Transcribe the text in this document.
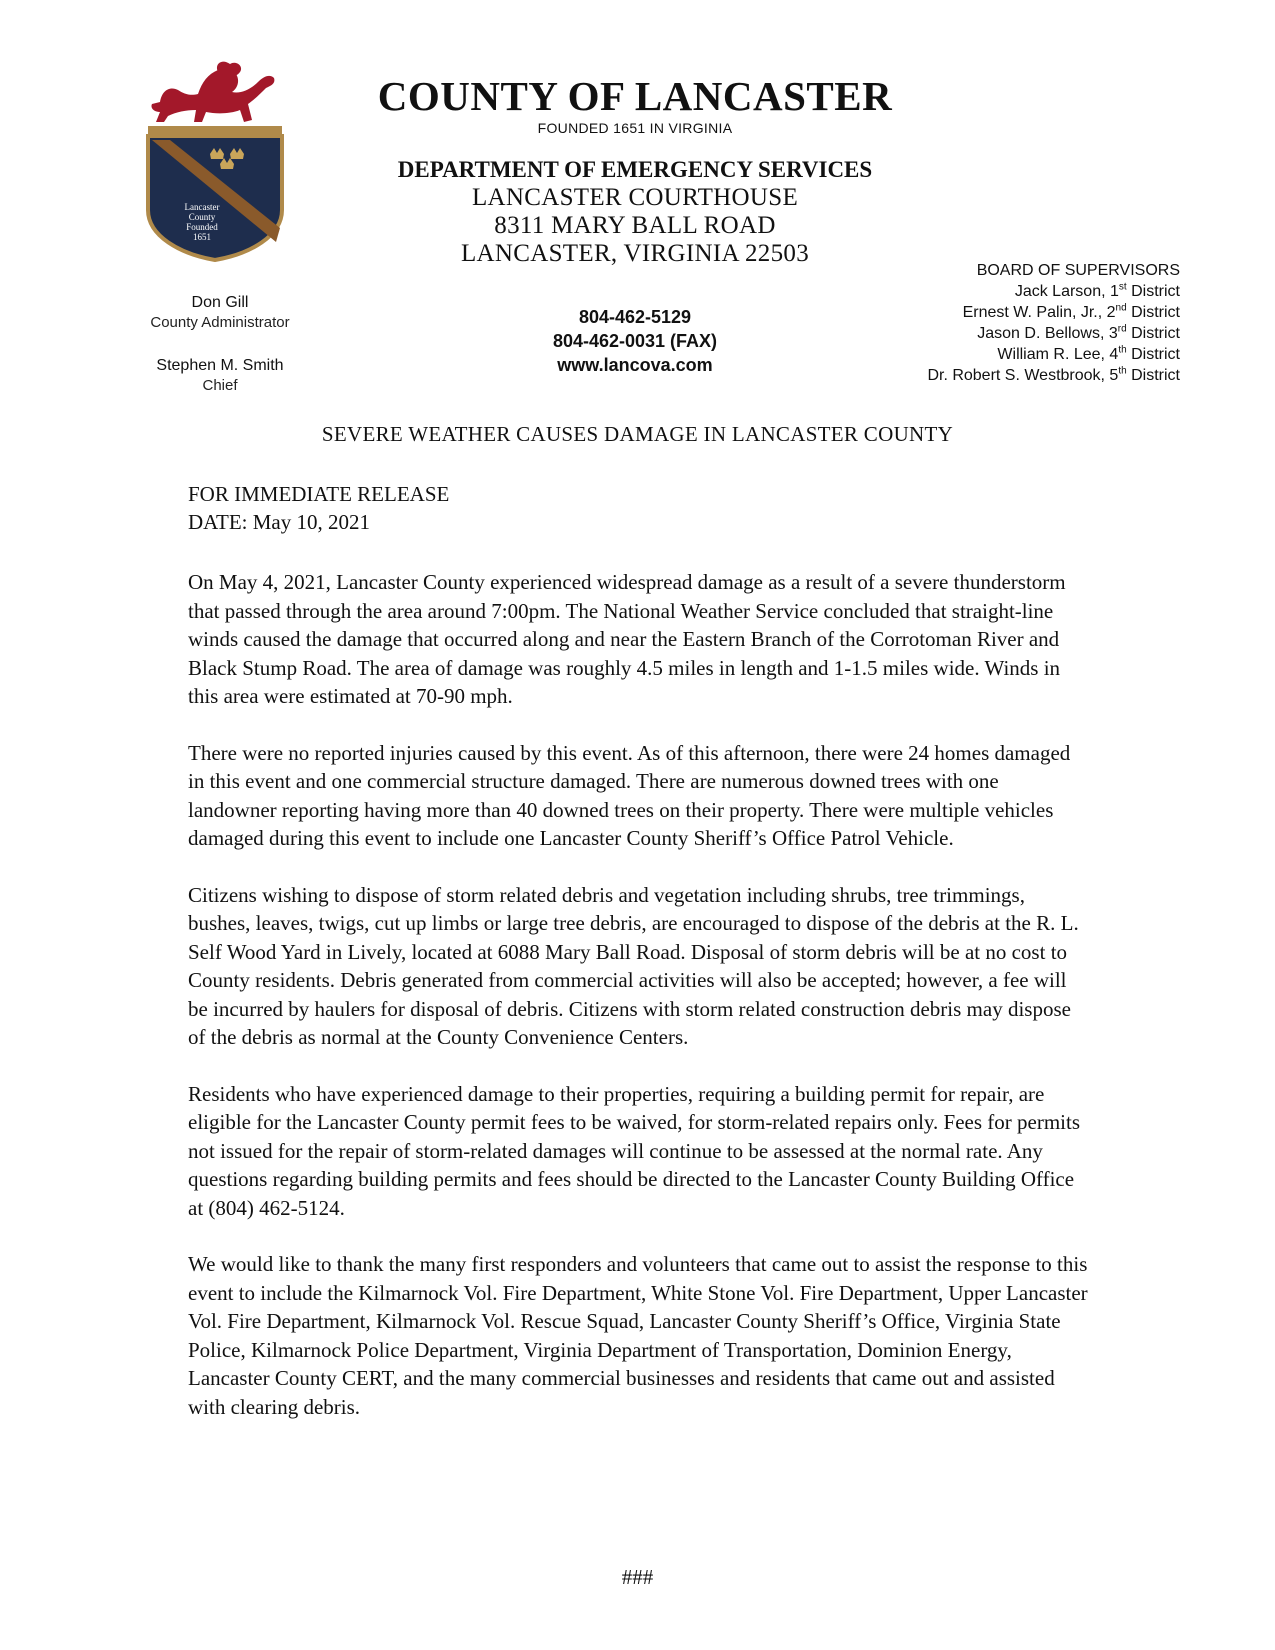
Lancaster
County
Founded
1651
COUNTY OF LANCASTER
FOUNDED 1651 IN VIRGINIA
DEPARTMENT OF EMERGENCY SERVICES
LANCASTER COURTHOUSE
8311 MARY BALL ROAD
LANCASTER, VIRGINIA 22503
804-462-5129
804-462-0031 (FAX)
www.lancova.com
Don Gill
County Administrator
Stephen M. Smith
Chief
BOARD OF SUPERVISORS
Jack Larson, 1st District
Ernest W. Palin, Jr., 2nd District
Jason D. Bellows, 3rd District
William R. Lee, 4th District
Dr. Robert S. Westbrook, 5th District
SEVERE WEATHER CAUSES DAMAGE IN LANCASTER COUNTY
FOR IMMEDIATE RELEASE
DATE: May 10, 2021

On May 4, 2021, Lancaster County experienced widespread damage as a result of a severe thunderstorm that passed through the area around 7:00pm. The National Weather Service concluded that straight-line winds caused the damage that occurred along and near the Eastern Branch of the Corrotoman River and Black Stump Road. The area of damage was roughly 4.5 miles in length and 1-1.5 miles wide. Winds in this area were estimated at 70-90 mph.

There were no reported injuries caused by this event. As of this afternoon, there were 24 homes damaged in this event and one commercial structure damaged. There are numerous downed trees with one landowner reporting having more than 40 downed trees on their property. There were multiple vehicles damaged during this event to include one Lancaster County Sheriff’s Office Patrol Vehicle.

Citizens wishing to dispose of storm related debris and vegetation including shrubs, tree trimmings, bushes, leaves, twigs, cut up limbs or large tree debris, are encouraged to dispose of the debris at the R. L. Self Wood Yard in Lively, located at 6088 Mary Ball Road. Disposal of storm debris will be at no cost to County residents. Debris generated from commercial activities will also be accepted; however, a fee will be incurred by haulers for disposal of debris. Citizens with storm related construction debris may dispose of the debris as normal at the County Convenience Centers.

Residents who have experienced damage to their properties, requiring a building permit for repair, are eligible for the Lancaster County permit fees to be waived, for storm-related repairs only. Fees for permits not issued for the repair of storm-related damages will continue to be assessed at the normal rate. Any questions regarding building permits and fees should be directed to the Lancaster County Building Office at (804) 462-5124.

We would like to thank the many first responders and volunteers that came out to assist the response to this event to include the Kilmarnock Vol. Fire Department, White Stone Vol. Fire Department, Upper Lancaster Vol. Fire Department, Kilmarnock Vol. Rescue Squad, Lancaster County Sheriff’s Office, Virginia State Police, Kilmarnock Police Department, Virginia Department of Transportation, Dominion Energy, Lancaster County CERT, and the many commercial businesses and residents that came out and assisted with clearing debris.

###
